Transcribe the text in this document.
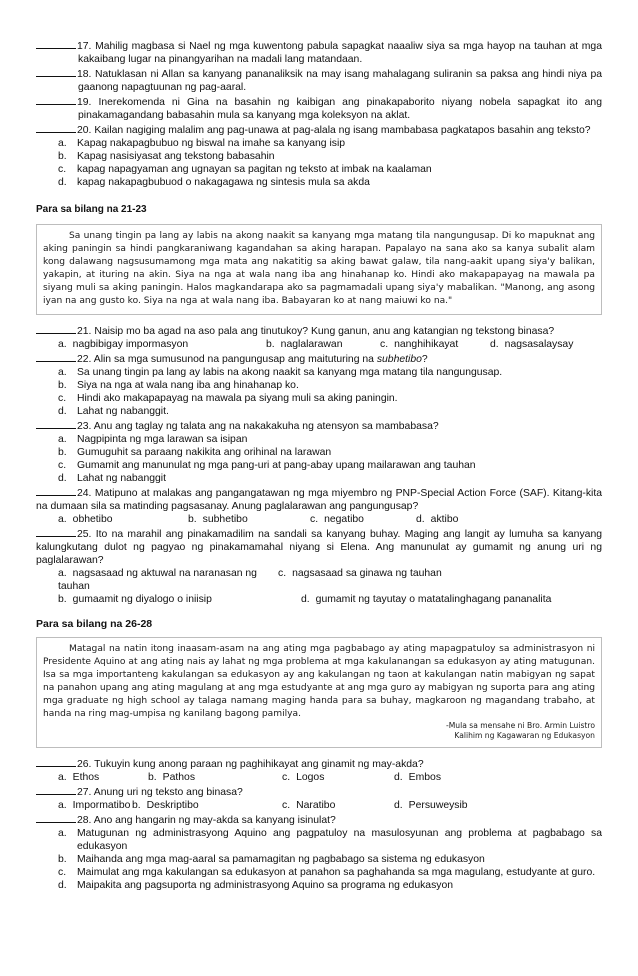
17. Mahilig magbasa si Nael ng mga kuwentong pabula sapagkat naaaliw siya sa mga hayop na tauhan at mga kakaibang lugar na pinangyarihan na madali lang matandaan.

18. Natuklasan ni Allan sa kanyang pananaliksik na may isang mahalagang suliranin sa paksa ang hindi niya pa gaanong napagtuunan ng pag-aaral.

19. Inerekomenda ni Gina na basahin ng kaibigan ang pinakapaborito niyang nobela sapagkat ito ang pinakamagandang babasahin mula sa kanyang mga koleksyon na aklat.

20. Kailan nagiging malalim ang pag-unawa at pag-alala ng isang mambabasa pagkatapos basahin ang teksto?

a. Kapag nakapagbubuo ng biswal na imahe sa kanyang isip

b. Kapag nasisiyasat ang tekstong babasahin

c. kapag napagyaman ang ugnayan sa pagitan ng teksto at imbak na kaalaman

d. kapag nakapagbubuod o nakagagawa ng sintesis mula sa akda

Para sa bilang na 21-23

Sa unang tingin pa lang ay labis na akong naakit sa kanyang mga matang tila nangungusap. Di ko mapuknat ang aking paningin sa hindi pangkaraniwang kagandahan sa aking harapan. Papalayo na sana ako sa kanya subalit alam kong dalawang nagsusumamong mga mata ang nakatitig sa aking bawat galaw, tila nang-aakit upang siya'y balikan, yakapin, at ituring na akin. Siya na nga at wala nang iba ang hinahanap ko. Hindi ako makapapayag na mawala pa siyang muli sa aking paningin. Halos magkandarapa ako sa pagmamadali upang siya'y mabalikan. "Manong, ang asong iyan na ang gusto ko. Siya na nga at wala nang iba. Babayaran ko at nang maiuwi ko na."

21. Naisip mo ba agad na aso pala ang tinutukoy? Kung ganun, anu ang katangian ng tekstong binasa?

a. nagbibigay impormasyon	b. naglalarawan	c. nanghihikayat	d. nagsasalaysay

22. Alin sa mga sumusunod na pangungusap ang maituturing na subhetibo?

a. Sa unang tingin pa lang ay labis na akong naakit sa kanyang mga matang tila nangungusap.

b. Siya na nga at wala nang iba ang hinahanap ko.

c. Hindi ako makapapayag na mawala pa siyang muli sa aking paningin.

d. Lahat ng nabanggit.

23. Anu ang taglay ng talata ang na nakakakuha ng atensyon sa mambabasa?

a. Nagpipinta ng mga larawan sa isipan

b. Gumuguhit sa paraang nakikita ang orihinal na larawan

c. Gumamit ang manunulat ng mga pang-uri at pang-abay upang mailarawan ang tauhan

d. Lahat ng nabanggit

24. Matipuno at malakas ang pangangatawan ng mga miyembro ng PNP-Special Action Force (SAF). Kitang-kita na dumaan sila sa matinding pagsasanay. Anung paglalarawan ang pangungusap?

a. obhetibo	b. subhetibo	c. negatibo	d. aktibo

25. Ito na marahil ang pinakamadilim na sandali sa kanyang buhay. Maging ang langit ay lumuha sa kanyang kalungkutang dulot ng pagyao ng pinakamamahal niyang si Elena. Ang manunulat ay gumamit ng anung uri ng paglalarawan?

a. nagsasaad ng aktuwal na naranasan ng tauhan
c. nagsasaad sa ginawa ng tauhan
b. gumaamit ng diyalogo o iniisip	d. gumamit ng tayutay o matatalinghagang pananalita
Para sa bilang na 26-28

Matagal na natin itong inaasam-asam na ang ating mga pagbabago ay ating mapagpatuloy sa administrasyon ni Presidente Aquino at ang ating nais ay lahat ng mga problema at mga kakulanangan sa edukasyon ay ating matugunan. Isa sa mga importanteng kakulangan sa edukasyon ay ang kakulangan ng taon at kakulangan natin mabigyan ng sapat na panahon upang ang ating magulang at ang mga estudyante at ang mga guro ay mabigyan ng suporta para ang ating mga graduate ng high school ay talaga namang maging handa para sa buhay, magkaroon ng magandang trabaho, at handa na ring mag-umpisa ng kanilang bagong pamilya.

-Mula sa mensahe ni Bro. Armin Luistro
Kalihim ng Kagawaran ng Edukasyon

26. Tukuyin kung anong paraan ng paghihikayat ang ginamit ng may-akda?

a. Ethos	b. Pathos	c. Logos	d. Embos

27. Anung uri ng teksto ang binasa?

a. Impormatibo b. Deskriptibo	c. Naratibo	d. Persuweysib

28. Ano ang hangarin ng may-akda sa kanyang isinulat?

a. Matugunan ng administrasyong Aquino ang pagpatuloy na masulosyunan ang problema at pagbabago sa edukasyon

b. Maihanda ang mga mag-aaral sa pamamagitan ng pagbabago sa sistema ng edukasyon

c. Maimulat ang mga kakulangan sa edukasyon at panahon sa paghahanda sa mga magulang, estudyante at guro.

d. Maipakita ang pagsuporta ng administrasyong Aquino sa programa ng edukasyon
